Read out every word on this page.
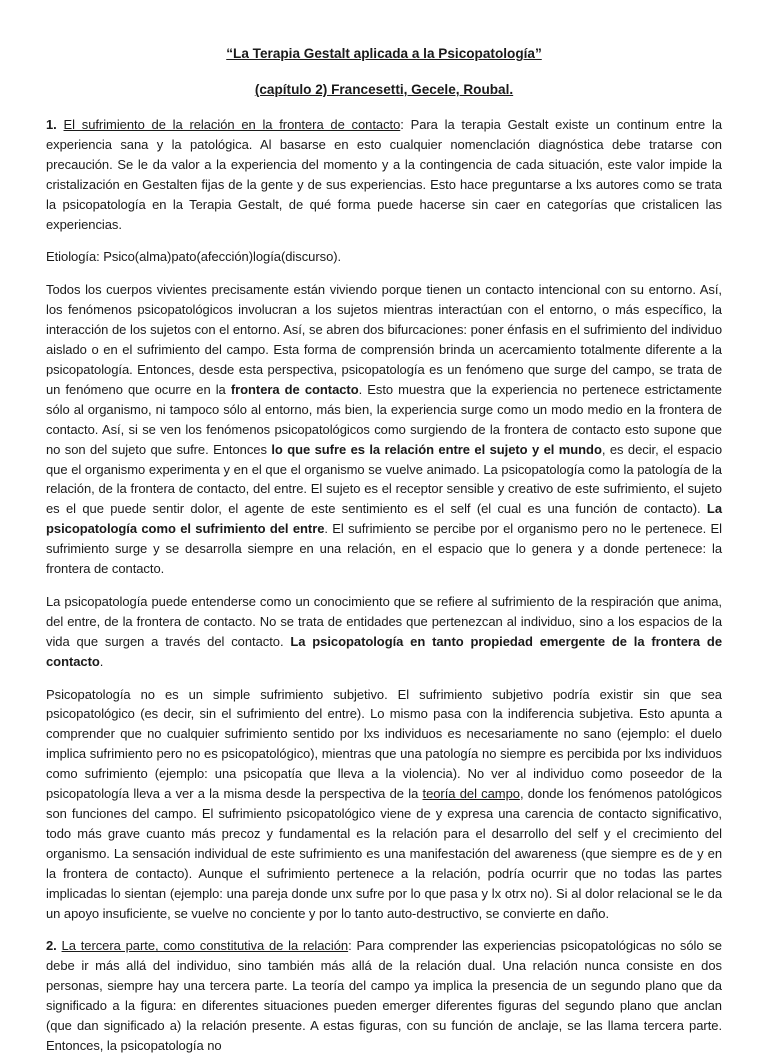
“La Terapia Gestalt aplicada a la Psicopatología”
(capítulo 2) Francesetti, Gecele, Roubal.

1. El sufrimiento de la relación en la frontera de contacto: Para la terapia Gestalt existe un continum entre la experiencia sana y la patológica. Al basarse en esto cualquier nomenclación diagnóstica debe tratarse con precaución. Se le da valor a la experiencia del momento y a la contingencia de cada situación, este valor impide la cristalización en Gestalten fijas de la gente y de sus experiencias. Esto hace preguntarse a lxs autores como se trata la psicopatología en la Terapia Gestalt, de qué forma puede hacerse sin caer en categorías que cristalicen las experiencias.

Etiología: Psico(alma)pato(afección)logía(discurso).

Todos los cuerpos vivientes precisamente están viviendo porque tienen un contacto intencional con su entorno. Así, los fenómenos psicopatológicos involucran a los sujetos mientras interactúan con el entorno, o más específico, la interacción de los sujetos con el entorno. Así, se abren dos bifurcaciones: poner énfasis en el sufrimiento del individuo aislado o en el sufrimiento del campo. Esta forma de comprensión brinda un acercamiento totalmente diferente a la psicopatología. Entonces, desde esta perspectiva, psicopatología es un fenómeno que surge del campo, se trata de un fenómeno que ocurre en la frontera de contacto. Esto muestra que la experiencia no pertenece estrictamente sólo al organismo, ni tampoco sólo al entorno, más bien, la experiencia surge como un modo medio en la frontera de contacto. Así, si se ven los fenómenos psicopatológicos como surgiendo de la frontera de contacto esto supone que no son del sujeto que sufre. Entonces lo que sufre es la relación entre el sujeto y el mundo, es decir, el espacio que el organismo experimenta y en el que el organismo se vuelve animado. La psicopatología como la patología de la relación, de la frontera de contacto, del entre. El sujeto es el receptor sensible y creativo de este sufrimiento, el sujeto es el que puede sentir dolor, el agente de este sentimiento es el self (el cual es una función de contacto). La psicopatología como el sufrimiento del entre. El sufrimiento se percibe por el organismo pero no le pertenece. El sufrimiento surge y se desarrolla siempre en una relación, en el espacio que lo genera y a donde pertenece: la frontera de contacto.

La psicopatología puede entenderse como un conocimiento que se refiere al sufrimiento de la respiración que anima, del entre, de la frontera de contacto. No se trata de entidades que pertenezcan al individuo, sino a los espacios de la vida que surgen a través del contacto. La psicopatología en tanto propiedad emergente de la frontera de contacto.

Psicopatología no es un simple sufrimiento subjetivo. El sufrimiento subjetivo podría existir sin que sea psicopatológico (es decir, sin el sufrimiento del entre). Lo mismo pasa con la indiferencia subjetiva. Esto apunta a comprender que no cualquier sufrimiento sentido por lxs individuos es necesariamente no sano (ejemplo: el duelo implica sufrimiento pero no es psicopatológico), mientras que una patología no siempre es percibida por lxs individuos como sufrimiento (ejemplo: una psicopatía que lleva a la violencia). No ver al individuo como poseedor de la psicopatología lleva a ver a la misma desde la perspectiva de la teoría del campo, donde los fenómenos patológicos son funciones del campo. El sufrimiento psicopatológico viene de y expresa una carencia de contacto significativo, todo más grave cuanto más precoz y fundamental es la relación para el desarrollo del self y el crecimiento del organismo. La sensación individual de este sufrimiento es una manifestación del awareness (que siempre es de y en la frontera de contacto). Aunque el sufrimiento pertenece a la relación, podría ocurrir que no todas las partes implicadas lo sientan (ejemplo: una pareja donde unx sufre por lo que pasa y lx otrx no). Si al dolor relacional se le da un apoyo insuficiente, se vuelve no conciente y por lo tanto auto-destructivo, se convierte en daño.

2. La tercera parte, como constitutiva de la relación: Para comprender las experiencias psicopatológicas no sólo se debe ir más allá del individuo, sino también más allá de la relación dual. Una relación nunca consiste en dos personas, siempre hay una tercera parte. La teoría del campo ya implica la presencia de un segundo plano que da significado a la figura: en diferentes situaciones pueden emerger diferentes figuras del segundo plano que anclan (que dan significado a) la relación presente. A estas figuras, con su función de anclaje, se las llama tercera parte. Entonces, la psicopatología no
